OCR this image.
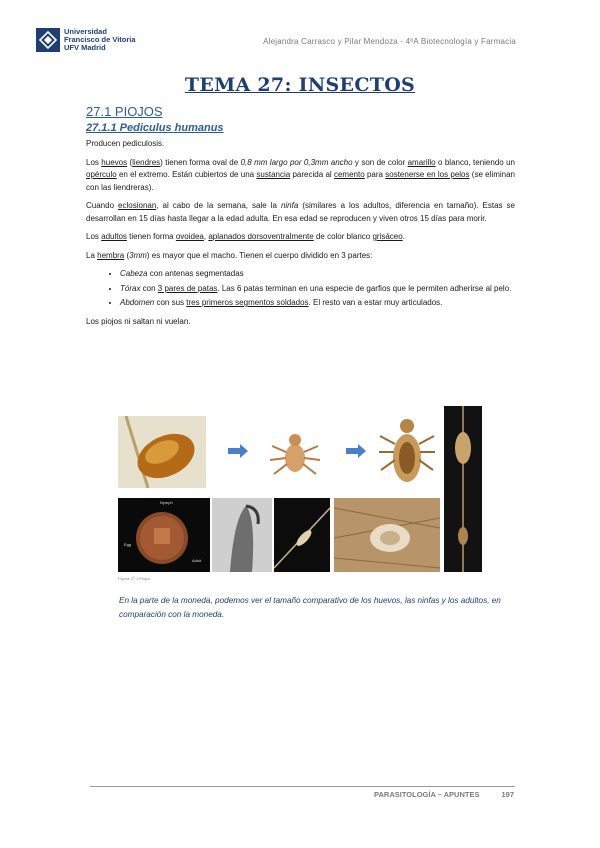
Universidad
Francisco de Vitoria
UFV Madrid
Alejandra Carrasco y Pilar Mendoza - 4ºA Biotecnología y Farmacia
TEMA 27: INSECTOS
27.1 PIOJOS
27.1.1 Pediculus humanus

Producen pediculosis.

Los huevos (liendres) tienen forma oval de 0,8 mm largo por 0,3mm ancho y son de color amarillo o blanco, teniendo un opérculo en el extremo. Están cubiertos de una sustancia parecida al cemento para sostenerse en los pelos (se eliminan con las liendreras).

Cuando eclosionan, al cabo de la semana, sale la ninfa (similares a los adultos, diferencia en tamaño). Estas se desarrollan en 15 días hasta llegar a la edad adulta. En esa edad se reproducen y viven otros 15 días para morir.

Los adultos tienen forma ovoidea, aplanados dorsoventralmente de color blanco grisáceo.

La hembra (3mm) es mayor que el macho. Tienen el cuerpo dividido en 3 partes:

• Cabeza con antenas segmentadas
• Tórax con 3 pares de patas. Las 6 patas terminan en una especie de garfios que le permiten adherirse al pelo.
• Abdomen con sus tres primeros segmentos soldados. El resto van a estar muy articulados.

Los piojos ni saltan ni vuelan.

Nymph
Egg
Adult
Figura 27.1 Piojos
En la parte de la moneda, podemos ver el tamaño comparativo de los huevos, las ninfas y los adultos, en comparación con la moneda.
PARASITOLOGÍA – APUNTES	197
